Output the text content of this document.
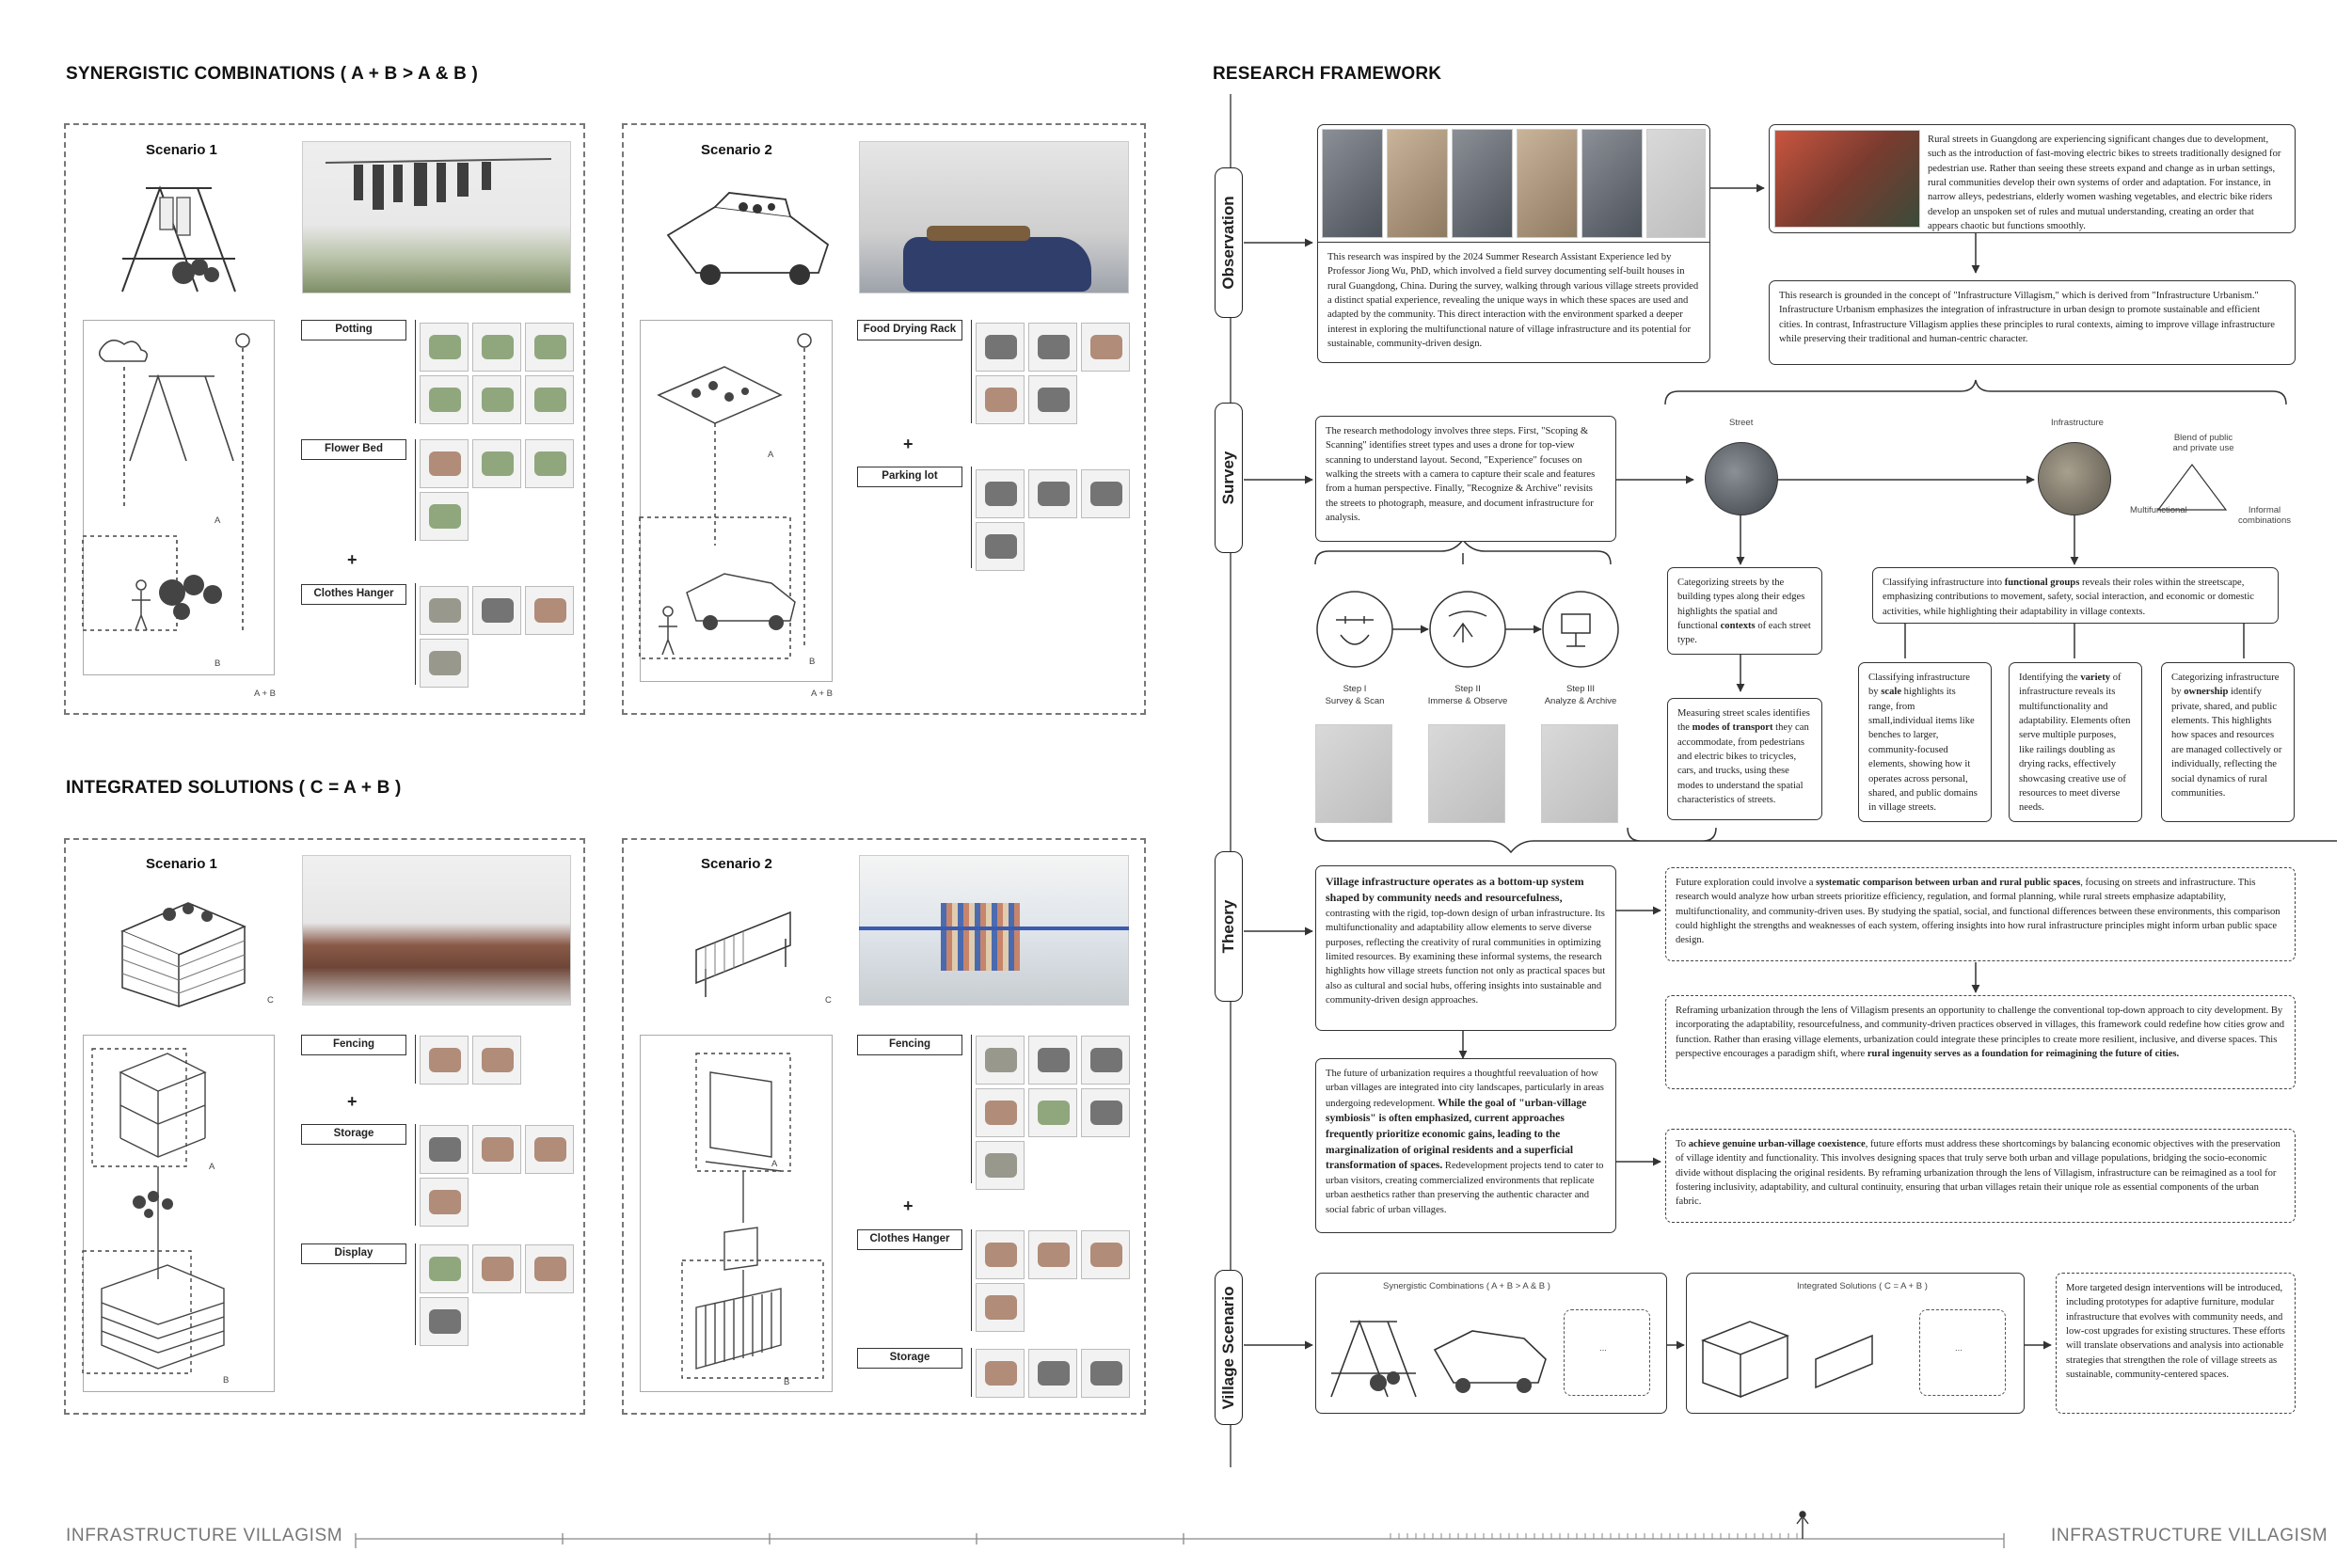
SYNERGISTIC COMBINATIONS ( A + B > A & B )
Scenario 1
A
B
A + B
Potting
Flower Bed
Clothes Hanger
+
Scenario 2
A
B
A + B
Food Drying Rack
+
Parking lot
INTEGRATED SOLUTIONS ( C = A + B )
Scenario 1
C
A
B
Fencing
+
Storage
Display
Scenario 2
C
A
B
Fencing
+
Clothes Hanger
Storage
RESEARCH FRAMEWORK
Observation
Survey
Theory
Village Scenario
This research was inspired by the 2024 Summer Research Assistant Experience led by Professor Jiong Wu, PhD, which involved a field survey documenting self-built houses in rural Guangdong, China. During the survey, walking through various village streets provided a distinct spatial experience, revealing the unique ways in which these spaces are used and adapted by the community. This direct interaction with the environment sparked a deeper interest in exploring the multifunctional nature of village infrastructure and its potential for sustainable, community-driven design.
Rural streets in Guangdong are experiencing significant changes due to development, such as the introduction of fast-moving electric bikes to streets traditionally designed for pedestrian use. Rather than seeing these streets expand and change as in urban settings, rural communities develop their own systems of order and adaptation. For instance, in narrow alleys, pedestrians, elderly women washing vegetables, and electric bike riders develop an unspoken set of rules and mutual understanding, creating an order that appears chaotic but functions smoothly.
This research is grounded in the concept of "Infrastructure Villagism," which is derived from "Infrastructure Urbanism." Infrastructure Urbanism emphasizes the integration of infrastructure in urban design to promote sustainable and efficient cities. In contrast, Infrastructure Villagism applies these principles to rural contexts, aiming to improve village infrastructure while preserving their traditional and human-centric character.
The research methodology involves three steps. First, "Scoping & Scanning" identifies street types and uses a drone for top-view scanning to understand layout. Second, "Experience" focuses on walking the streets with a camera to capture their scale and features from a human perspective. Finally, "Recognize & Archive" revisits the streets to photograph, measure, and document infrastructure for analysis.
Street	Infrastructure
Blend of public and private use
Multifunctional	Informal combinations
Step I
Survey & Scan
Step II
Immerse & Observe
Step III
Analyze & Archive
Categorizing streets by the building types along their edges highlights the spatial and functional contexts of each street type.
Measuring street scales identifies the modes of transport they can accommodate, from pedestrians and electric bikes to tricycles, cars, and trucks, using these modes to understand the spatial characteristics of streets.
Classifying infrastructure into functional groups reveals their roles within the streetscape, emphasizing contributions to movement, safety, social interaction, and economic or domestic activities, while highlighting their adaptability in village contexts.
Classifying infrastructure by scale highlights its range, from small,individual items like benches to larger, community-focused elements, showing how it operates across personal, shared, and public domains in village streets.
Identifying the variety of infrastructure reveals its multifunctionality and adaptability. Elements often serve multiple purposes, like railings doubling as drying racks, effectively showcasing creative use of resources to meet diverse needs.
Categorizing infrastructure by ownership identify private, shared, and public elements. This highlights how spaces and resources are managed collectively or individually, reflecting the social dynamics of rural communities.
Village infrastructure operates as a bottom-up system shaped by community needs and resourcefulness, contrasting with the rigid, top-down design of urban infrastructure. Its multifunctionality and adaptability allow elements to serve diverse purposes, reflecting the creativity of rural communities in optimizing limited resources. By examining these informal systems, the research highlights how village streets function not only as practical spaces but also as cultural and social hubs, offering insights into sustainable and community-driven design approaches.
The future of urbanization requires a thoughtful reevaluation of how urban villages are integrated into city landscapes, particularly in areas undergoing redevelopment. While the goal of "urban-village symbiosis" is often emphasized, current approaches frequently prioritize economic gains, leading to the marginalization of original residents and a superficial transformation of spaces. Redevelopment projects tend to cater to urban visitors, creating commercialized environments that replicate urban aesthetics rather than preserving the authentic character and social fabric of urban villages.
Future exploration could involve a systematic comparison between urban and rural public spaces, focusing on streets and infrastructure. This research would analyze how urban streets prioritize efficiency, regulation, and formal planning, while rural streets emphasize adaptability, multifunctionality, and community-driven uses. By studying the spatial, social, and functional differences between these environments, this comparison could highlight the strengths and weaknesses of each system, offering insights into how rural infrastructure principles might inform urban public space design.
Reframing urbanization through the lens of Villagism presents an opportunity to challenge the conventional top-down approach to city development. By incorporating the adaptability, resourcefulness, and community-driven practices observed in villages, this framework could redefine how cities grow and function. Rather than erasing village elements, urbanization could integrate these principles to create more resilient, inclusive, and diverse spaces. This perspective encourages a paradigm shift, where rural ingenuity serves as a foundation for reimagining the future of cities.
To achieve genuine urban-village coexistence, future efforts must address these shortcomings by balancing economic objectives with the preservation of village identity and functionality. This involves designing spaces that truly serve both urban and village populations, bridging the socio-economic divide without displacing the original residents. By reframing urbanization through the lens of Villagism, infrastructure can be reimagined as a tool for fostering inclusivity, adaptability, and cultural continuity, ensuring that urban villages retain their unique role as essential components of the urban fabric.
Synergistic Combinations ( A + B > A & B )
...
Integrated Solutions ( C = A + B )
...
More targeted design interventions will be introduced, including prototypes for adaptive furniture, modular infrastructure that evolves with community needs, and low-cost upgrades for existing structures. These efforts will translate observations and analysis into actionable strategies that strengthen the role of village streets as sustainable, community-centered spaces.
INFRASTRUCTURE VILLAGISM	INFRASTRUCTURE VILLAGISM
